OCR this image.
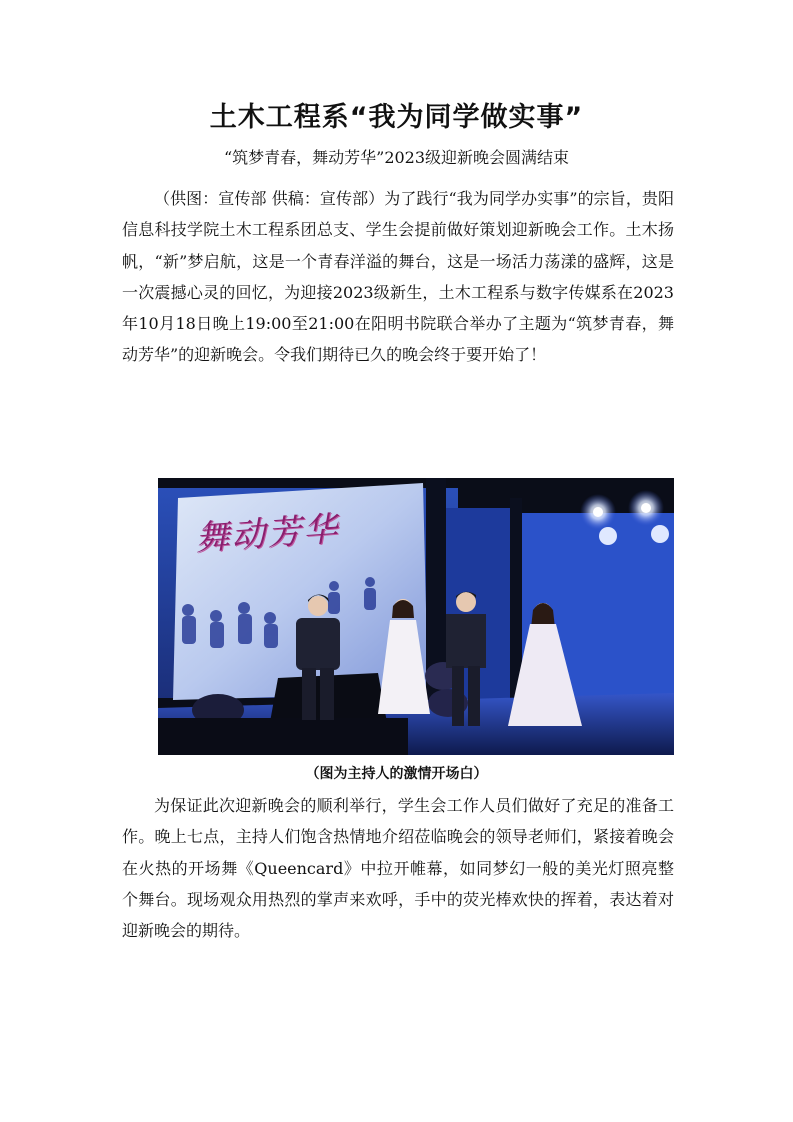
土木工程系“我为同学做实事”
“筑梦青春，舞动芳华”2023级迎新晚会圆满结束

（供图：宣传部 供稿：宣传部）为了践行“我为同学办实事”的宗旨，贵阳信息科技学院土木工程系团总支、学生会提前做好策划迎新晚会工作。土木扬帆，“新”梦启航，这是一个青春洋溢的舞台，这是一场活力荡漾的盛辉，这是一次震撼心灵的回忆，为迎接2023级新生，土木工程系与数字传媒系在2023年10月18日晚上19:00至21:00在阳明书院联合举办了主题为“筑梦青春，舞动芳华”的迎新晚会。令我们期待已久的晚会终于要开始了！

舞动芳华
（图为主持人的激情开场白）

为保证此次迎新晚会的顺利举行，学生会工作人员们做好了充足的准备工作。晚上七点，主持人们饱含热情地介绍莅临晚会的领导老师们，紧接着晚会在火热的开场舞《Queencard》中拉开帷幕，如同梦幻一般的美光灯照亮整个舞台。现场观众用热烈的掌声来欢呼，手中的荧光棒欢快的挥着，表达着对迎新晚会的期待。
